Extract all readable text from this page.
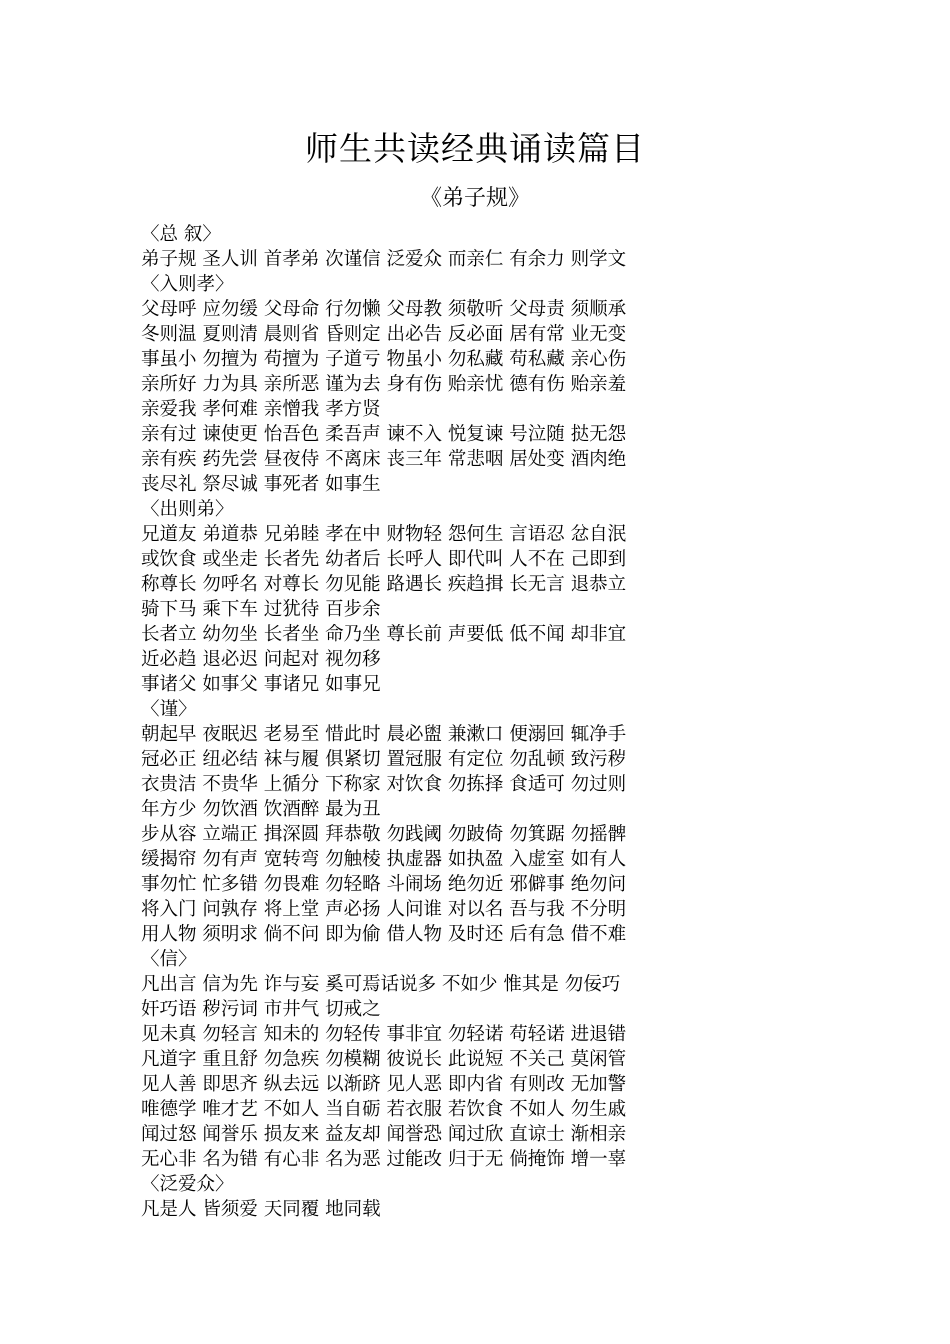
师生共读经典诵读篇目
《弟子规》
〈总 叙〉
弟子规 圣人训 首孝弟 次谨信 泛爱众 而亲仁 有余力 则学文
〈入则孝〉
父母呼 应勿缓 父母命 行勿懒 父母教 须敬听 父母责 须顺承
冬则温 夏则清 晨则省 昏则定 出必告 反必面 居有常 业无变
事虽小 勿擅为 苟擅为 子道亏 物虽小 勿私藏 苟私藏 亲心伤
亲所好 力为具 亲所恶 谨为去 身有伤 贻亲忧 德有伤 贻亲羞
亲爱我 孝何难 亲憎我 孝方贤
亲有过 谏使更 怡吾色 柔吾声 谏不入 悦复谏 号泣随 挞无怨
亲有疾 药先尝 昼夜侍 不离床 丧三年 常悲咽 居处变 酒肉绝
丧尽礼 祭尽诚 事死者 如事生
〈出则弟〉
兄道友 弟道恭 兄弟睦 孝在中 财物轻 怨何生 言语忍 忿自泯
或饮食 或坐走 长者先 幼者后 长呼人 即代叫 人不在 己即到
称尊长 勿呼名 对尊长 勿见能 路遇长 疾趋揖 长无言 退恭立
骑下马 乘下车 过犹待 百步余
长者立 幼勿坐 长者坐 命乃坐 尊长前 声要低 低不闻 却非宜
近必趋 退必迟 问起对 视勿移
事诸父 如事父 事诸兄 如事兄
〈谨〉
朝起早 夜眠迟 老易至 惜此时 晨必盥 兼漱口 便溺回 辄净手
冠必正 纽必结 袜与履 俱紧切 置冠服 有定位 勿乱顿 致污秽
衣贵洁 不贵华 上循分 下称家 对饮食 勿拣择 食适可 勿过则
年方少 勿饮酒 饮酒醉 最为丑
步从容 立端正 揖深圆 拜恭敬 勿践阈 勿跛倚 勿箕踞 勿摇髀
缓揭帘 勿有声 宽转弯 勿触棱 执虚器 如执盈 入虚室 如有人
事勿忙 忙多错 勿畏难 勿轻略 斗闹场 绝勿近 邪僻事 绝勿问
将入门 问孰存 将上堂 声必扬 人问谁 对以名 吾与我 不分明
用人物 须明求 倘不问 即为偷 借人物 及时还 后有急 借不难
〈信〉
凡出言 信为先 诈与妄 奚可焉话说多 不如少 惟其是 勿佞巧
奸巧语 秽污词 市井气 切戒之
见未真 勿轻言 知未的 勿轻传 事非宜 勿轻诺 苟轻诺 进退错
凡道字 重且舒 勿急疾 勿模糊 彼说长 此说短 不关己 莫闲管
见人善 即思齐 纵去远 以渐跻 见人恶 即内省 有则改 无加警
唯德学 唯才艺 不如人 当自砺 若衣服 若饮食 不如人 勿生戚
闻过怒 闻誉乐 损友来 益友却 闻誉恐 闻过欣 直谅士 渐相亲
无心非 名为错 有心非 名为恶 过能改 归于无 倘掩饰 增一辜
〈泛爱众〉
凡是人 皆须爱 天同覆 地同载
